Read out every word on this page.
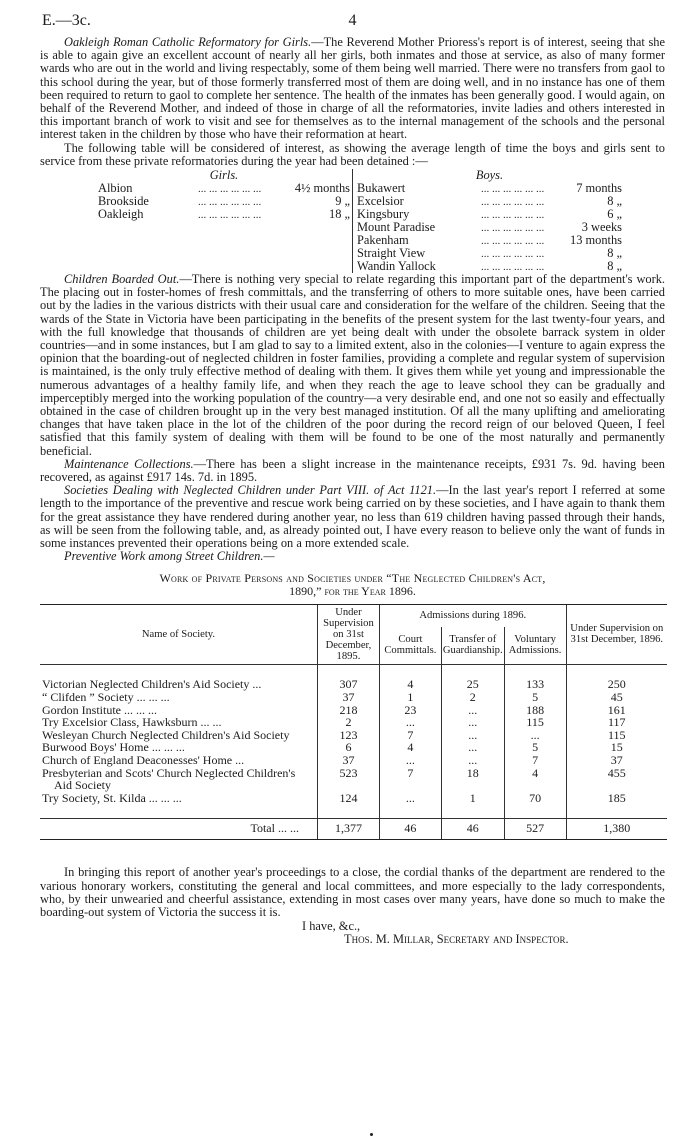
E.—3c.	4

Oakleigh Roman Catholic Reformatory for Girls.—The Reverend Mother Prioress's report is of interest, seeing that she is able to again give an excellent account of nearly all her girls, both inmates and those at service, as also of many former wards who are out in the world and living respectably, some of them being well married. There were no transfers from gaol to this school during the year, but of those formerly transferred most of them are doing well, and in no instance has one of them been required to return to gaol to complete her sentence. The health of the inmates has been generally good. I would again, on behalf of the Reverend Mother, and indeed of those in charge of all the reformatories, invite ladies and others interested in this important branch of work to visit and see for themselves as to the internal management of the schools and the personal interest taken in the children by those who have their reformation at heart.

The following table will be considered of interest, as showing the average length of time the boys and girls sent to service from these private reformatories during the year had been detained :—

Girls.
Albion ...	4½ months
Brookside ...	9 „
Oakleigh ...	18 „
Boys.
Bukawert ...	7 months
Excelsior ...	8 „
Kingsbury ...	6 „
Mount Paradise ...	3 weeks
Pakenham ...	13 months
Straight View ...	8 „
Wandin Yallock ...	8 „

Children Boarded Out.—There is nothing very special to relate regarding this important part of the department's work. The placing out in foster-homes of fresh committals, and the transferring of others to more suitable ones, have been carried out by the ladies in the various districts with their usual care and consideration for the welfare of the children. Seeing that the wards of the State in Victoria have been participating in the benefits of the present system for the last twenty-four years, and with the full knowledge that thousands of children are yet being dealt with under the obsolete barrack system in older countries—and in some instances, but I am glad to say to a limited extent, also in the colonies—I venture to again express the opinion that the boarding-out of neglected children in foster families, providing a complete and regular system of supervision is maintained, is the only truly effective method of dealing with them. It gives them while yet young and impressionable the numerous advantages of a healthy family life, and when they reach the age to leave school they can be gradually and imperceptibly merged into the working population of the country—a very desirable end, and one not so easily and effectually obtained in the case of children brought up in the very best managed institution. Of all the many uplifting and ameliorating changes that have taken place in the lot of the children of the poor during the record reign of our beloved Queen, I feel satisfied that this family system of dealing with them will be found to be one of the most naturally and permanently beneficial.

Maintenance Collections.—There has been a slight increase in the maintenance receipts, £931 7s. 9d. having been recovered, as against £917 14s. 7d. in 1895.

Societies Dealing with Neglected Children under Part VIII. of Act 1121.—In the last year's report I referred at some length to the importance of the preventive and rescue work being carried on by these societies, and I have again to thank them for the great assistance they have rendered during another year, no less than 619 children having passed through their hands, as will be seen from the following table, and, as already pointed out, I have every reason to believe only the want of funds in some instances prevented their operations being on a more extended scale.

Preventive Work among Street Children.—

Work of Private Persons and Societies under “The Neglected Children's Act,
1890,” for the Year 1896.
Name of Society.	Under Supervision on 31st December, 1895.	Admissions during 1896.			Under Supervision on 31st December, 1896.
		Court Committals.	Transfer of Guardianship.	Voluntary Admissions.	

Victorian Neglected Children's Aid Society ...	307	4	25	133	250
“ Clifden ” Society ... ... ...	37	1	2	5	45
Gordon Institute ... ... ...	218	23	...	188	161
Try Excelsior Class, Hawksburn ... ...	2	...	...	115	117

Wesleyan Church Neglected Children's Aid Society	123	7	...	...	115
Burwood Boys' Home ... ... ...	6	4	...	5	15
Church of England Deaconesses' Home ...	37	...	...	7	37

Presbyterian and Scots' Church Neglected Children's Aid Society	523	7	18	4	455
Try Society, St. Kilda ... ... ...	124	...	1	70	185

Total ... ...	1,377	46	46	527	1,380

In bringing this report of another year's proceedings to a close, the cordial thanks of the department are rendered to the various honorary workers, constituting the general and local committees, and more especially to the lady correspondents, who, by their unwearied and cheerful assistance, extending in most cases over many years, have done so much to make the boarding-out system of Victoria the success it is.

I have, &c.,
Thos. M. Millar, Secretary and Inspector.
